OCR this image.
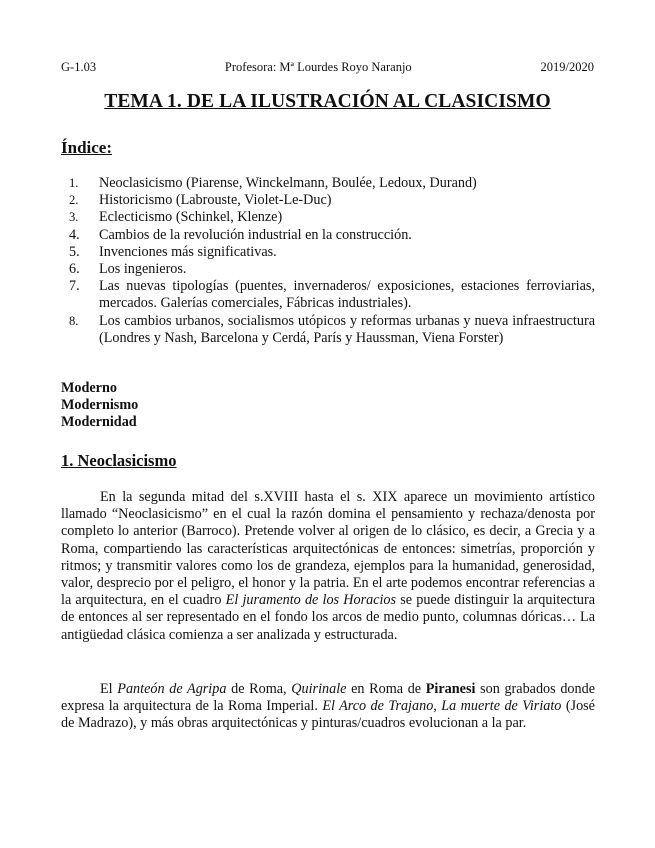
G-1.03	Profesora: Mª Lourdes Royo Naranjo	2019/2020
TEMA 1. DE LA ILUSTRACIÓN AL CLASICISMO
Índice:
1.	Neoclasicismo (Piarense, Winckelmann, Boulée, Ledoux, Durand)
2.	Historicismo (Labrouste, Violet-Le-Duc)
3.	Eclecticismo (Schinkel, Klenze)
4.	Cambios de la revolución industrial en la construcción.
5.	Invenciones más significativas.
6.	Los ingenieros.
7.	Las nuevas tipologías (puentes, invernaderos/ exposiciones, estaciones ferroviarias, mercados. Galerías comerciales, Fábricas industriales).
8.	Los cambios urbanos, socialismos utópicos y reformas urbanas y nueva infraestructura (Londres y Nash, Barcelona y Cerdá, París y Haussman, Viena Forster)
Moderno
Modernismo
Modernidad
1. Neoclasicismo

En la segunda mitad del s.XVIII hasta el s. XIX aparece un movimiento artístico llamado “Neoclasicismo” en el cual la razón domina el pensamiento y rechaza/denosta por completo lo anterior (Barroco). Pretende volver al origen de lo clásico, es decir, a Grecia y a Roma, compartiendo las características arquitectónicas de entonces: simetrías, proporción y ritmos; y transmitir valores como los de grandeza, ejemplos para la humanidad, generosidad, valor, desprecio por el peligro, el honor y la patria. En el arte podemos encontrar referencias a la arquitectura, en el cuadro El juramento de los Horacios se puede distinguir la arquitectura de entonces al ser representado en el fondo los arcos de medio punto, columnas dóricas… La antigüedad clásica comienza a ser analizada y estructurada.

El Panteón de Agripa de Roma, Quirinale en Roma de Piranesi son grabados donde expresa la arquitectura de la Roma Imperial. El Arco de Trajano, La muerte de Viriato (José de Madrazo), y más obras arquitectónicas y pinturas/cuadros evolucionan a la par.
